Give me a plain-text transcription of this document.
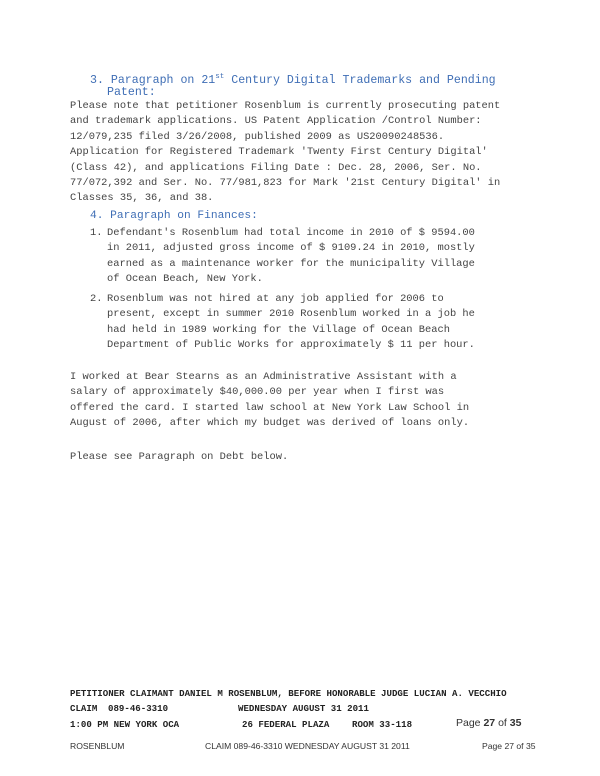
3. Paragraph on 21st Century Digital Trademarks and Pending
Patent:
Please note that petitioner Rosenblum is currently prosecuting patent
and trademark applications. US Patent Application /Control Number:
12/079,235 filed 3/26/2008, published 2009 as US20090248536.
Application for Registered Trademark 'Twenty First Century Digital'
(Class 42), and applications Filing Date : Dec. 28, 2006, Ser. No.
77/072,392 and Ser. No. 77/981,823 for Mark '21st Century Digital' in
Classes 35, 36, and 38.
4. Paragraph on Finances:
1. Defendant's Rosenblum had total income in 2010 of $ 9594.00
in 2011, adjusted gross income of $ 9109.24 in 2010, mostly
earned as a maintenance worker for the municipality Village
of Ocean Beach, New York.
2. Rosenblum was not hired at any job applied for 2006 to
present, except in summer 2010 Rosenblum worked in a job he
had held in 1989 working for the Village of Ocean Beach
Department of Public Works for approximately $ 11 per hour.
I worked at Bear Stearns as an Administrative Assistant with a
salary of approximately $40,000.00 per year when I first was
offered the card. I started law school at New York Law School in
August of 2006, after which my budget was derived of loans only.
Please see Paragraph on Debt below.
PETITIONER CLAIMANT DANIEL M ROSENBLUM, BEFORE HONORABLE JUDGE LUCIAN A. VECCHIO
CLAIM 089-46-3310	WEDNESDAY AUGUST 31 2011
1:00 PM NEW YORK OCA	26 FEDERAL PLAZA ROOM 33-118	Page 27 of 35
ROSENBLUM	CLAIM 089-46-3310 WEDNESDAY AUGUST 31 2011	Page 27 of 35
